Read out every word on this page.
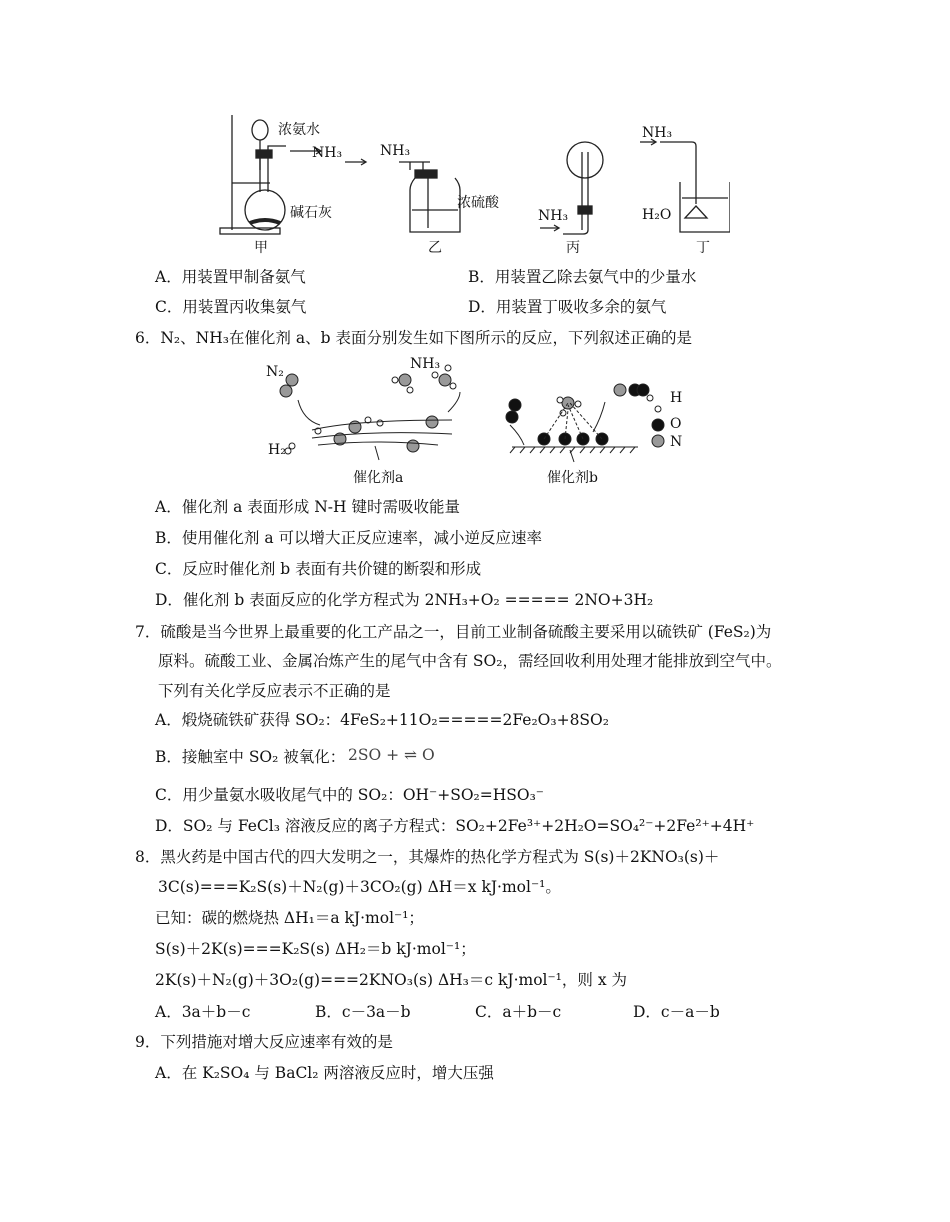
浓氨水
NH₃
碱石灰
甲
NH₃
浓硫酸
乙
NH₃
丙
NH₃
H₂O
丁
A．用装置甲制备氨气	B．用装置乙除去氨气中的少量水
C．用装置丙收集氨气	D．用装置丁吸收多余的氨气
6．N₂、NH₃在催化剂 a、b 表面分别发生如下图所示的反应，下列叙述正确的是
N₂	NH₃
H₂
催化剂a	催化剂b
H
O
N
A．催化剂 a 表面形成 N-H 键时需吸收能量
B．使用催化剂 a 可以增大正反应速率，减小逆反应速率
C．反应时催化剂 b 表面有共价键的断裂和形成
D．催化剂 b 表面反应的化学方程式为 2NH₃+O₂ ===== 2NO+3H₂
7．硫酸是当今世界上最重要的化工产品之一，目前工业制备硫酸主要采用以硫铁矿 (FeS₂)为
原料。硫酸工业、金属冶炼产生的尾气中含有 SO₂，需经回收利用处理才能排放到空气中。
下列有关化学反应表示不正确的是
A．煅烧硫铁矿获得 SO₂：4FeS₂+11O₂=====2Fe₂O₃+8SO₂
B．接触室中 SO₂ 被氧化： 2SO + ⇌ O
C．用少量氨水吸收尾气中的 SO₂：OH⁻+SO₂=HSO₃⁻
D．SO₂ 与 FeCl₃ 溶液反应的离子方程式：SO₂+2Fe³⁺+2H₂O=SO₄²⁻+2Fe²⁺+4H⁺
8．黑火药是中国古代的四大发明之一，其爆炸的热化学方程式为 S(s)＋2KNO₃(s)＋
3C(s)===K₂S(s)＋N₂(g)＋3CO₂(g) ΔH＝x kJ·mol⁻¹。
已知：碳的燃烧热 ΔH₁＝a kJ·mol⁻¹；
S(s)＋2K(s)===K₂S(s) ΔH₂＝b kJ·mol⁻¹；
2K(s)＋N₂(g)＋3O₂(g)===2KNO₃(s) ΔH₃＝c kJ·mol⁻¹，则 x 为
A．3a＋b－c	B．c－3a－b	C．a＋b－c	D．c－a－b
9．下列措施对增大反应速率有效的是
A．在 K₂SO₄ 与 BaCl₂ 两溶液反应时，增大压强
